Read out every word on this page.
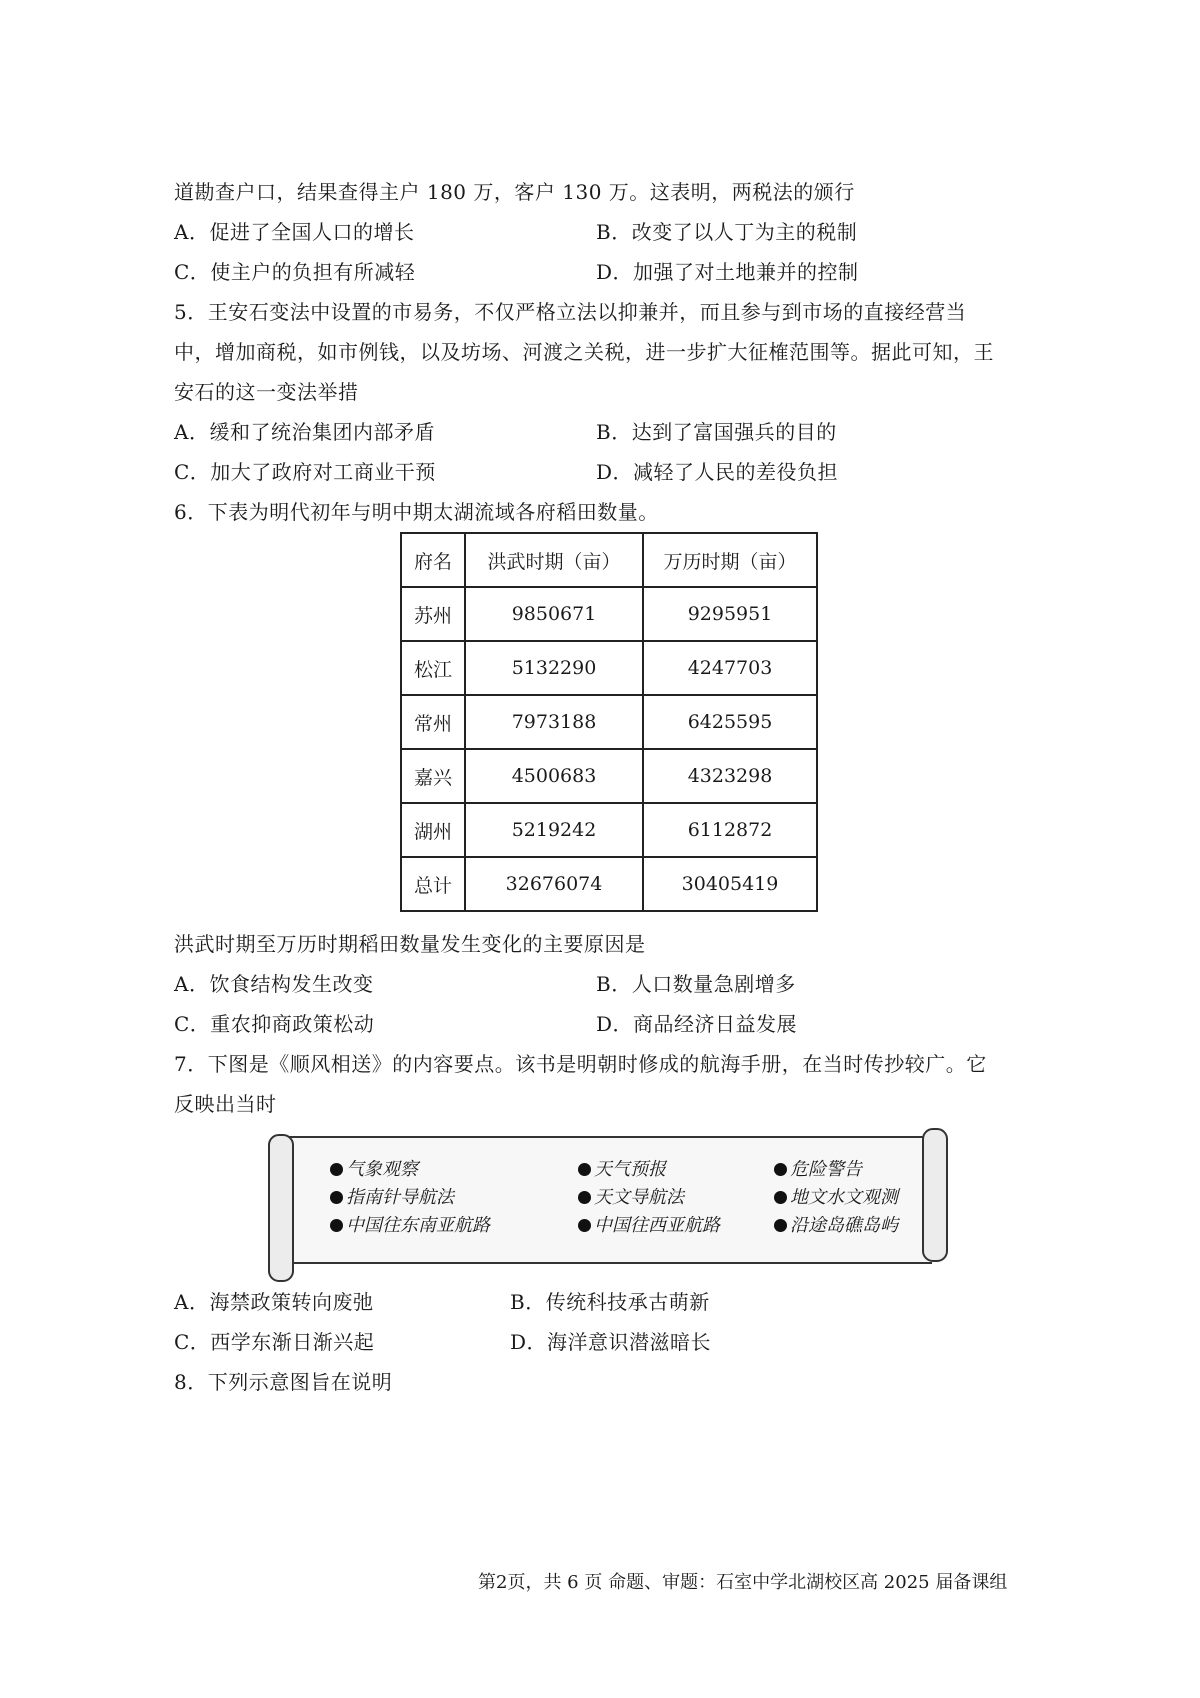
道勘查户口，结果查得主户 180 万，客户 130 万。这表明，两税法的颁行
A．促进了全国人口的增长	B．改变了以人丁为主的税制
C．使主户的负担有所减轻	D．加强了对土地兼并的控制
5．王安石变法中设置的市易务，不仅严格立法以抑兼并，而且参与到市场的直接经营当
中，增加商税，如市例钱，以及坊场、河渡之关税，进一步扩大征榷范围等。据此可知，王
安石的这一变法举措
A．缓和了统治集团内部矛盾	B．达到了富国强兵的目的
C．加大了政府对工商业干预	D．减轻了人民的差役负担
6．下表为明代初年与明中期太湖流域各府稻田数量。
府名	洪武时期（亩）	万历时期（亩）
苏州	9850671	9295951
松江	5132290	4247703
常州	7973188	6425595
嘉兴	4500683	4323298
湖州	5219242	6112872
总计	32676074	30405419
洪武时期至万历时期稻田数量发生变化的主要原因是
A．饮食结构发生改变	B．人口数量急剧增多
C．重农抑商政策松动	D．商品经济日益发展
7．下图是《顺风相送》的内容要点。该书是明朝时修成的航海手册，在当时传抄较广。它
反映出当时
气象观察	天气预报	危险警告
指南针导航法	天文导航法	地文水文观测
中国往东南亚航路	中国往西亚航路	沿途岛礁岛屿
A．海禁政策转向废弛	B．传统科技承古萌新
C．西学东渐日渐兴起	D．海洋意识潜滋暗长
8．下列示意图旨在说明
第2页，共 6 页 命题、审题：石室中学北湖校区高 2025 届备课组
